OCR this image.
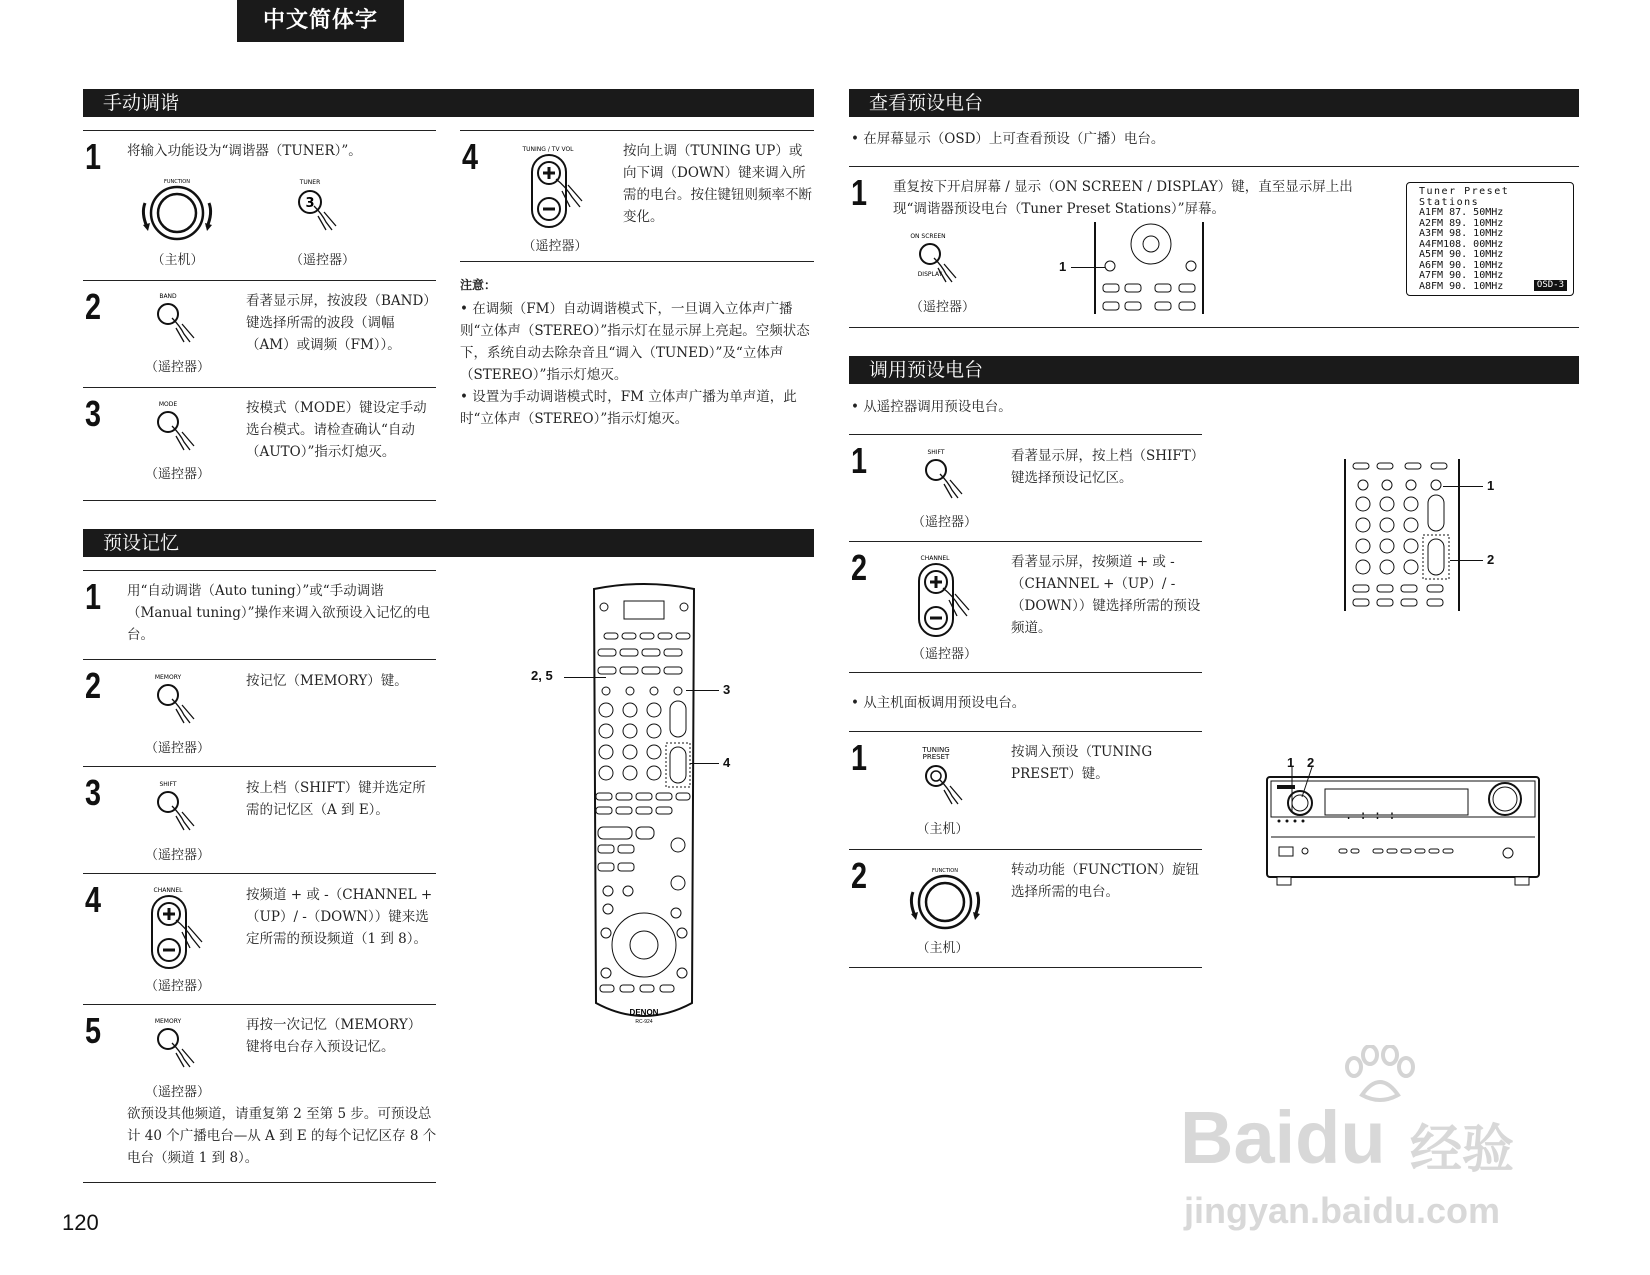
中文简体字
手动调谐
1 将输入功能设为“调谐器（TUNER）”。
FUNCTION
（主机）
TUNER
3
（遥控器）
2	BAND
（遥控器）
看著显示屏，按波段（BAND）键选择所需的波段（调幅（AM）或调频（FM））。
3	MODE
（遥控器）
按模式（MODE）键设定手动选台模式。请检查确认“自动（AUTO）”指示灯熄灭。
4	TUNING / TV VOL
（遥控器）
按向上调（TUNING UP）或向下调（DOWN）键来调入所需的电台。按住键钮则频率不断变化。
注意：
• 在调频（FM）自动调谐模式下，一旦调入立体声广播则“立体声（STEREO）”指示灯在显示屏上亮起。空频状态下，系统自动去除杂音且“调入（TUNED）”及“立体声（STEREO）”指示灯熄灭。
• 设置为手动调谐模式时，FM 立体声广播为单声道，此时“立体声（STEREO）”指示灯熄灭。
预设记忆
1 用“自动调谐（Auto tuning）”或“手动调谐（Manual tuning）”操作来调入欲预设入记忆的电台。
2	MEMORY
（遥控器）
按记忆（MEMORY）键。
3	SHIFT
（遥控器）
按上档（SHIFT）键并选定所需的记忆区（A 到 E）。
4	CHANNEL
（遥控器）
按频道 + 或 -（CHANNEL +（UP）/ -（DOWN））键来选定所需的预设频道（1 到 8）。
5	MEMORY
（遥控器）
再按一次记忆（MEMORY）键将电台存入预设记忆。
欲预设其他频道，请重复第 2 至第 5 步。可预设总计 40 个广播电台—从 A 到 E 的每个记忆区存 8 个电台（频道 1 到 8）。
DENON
RC-924
2, 5
3
4
查看预设电台
• 在屏幕显示（OSD）上可查看预设（广播）电台。
1 重复按下开启屏幕 / 显示（ON SCREEN / DISPLAY）键，直至显示屏上出现“调谐器预设电台（Tuner Preset Stations）”屏幕。
ON SCREEN
DISPLAY
（遥控器）
1
Tuner Preset Stations
A1FM 87. 50MHz
A2FM 89. 10MHz
A3FM 98. 10MHz
A4FM108. 00MHz
A5FM 90. 10MHz
A6FM 90. 10MHz
A7FM 90. 10MHz
A8FM 90. 10MHz	OSD-3
调用预设电台
• 从遥控器调用预设电台。
1	SHIFT
（遥控器）
看著显示屏，按上档（SHIFT）键选择预设记忆区。
2	CHANNEL
（遥控器）
看著显示屏，按频道 + 或 -（CHANNEL +（UP）/ -（DOWN））键选择所需的预设频道。
1
2
• 从主机面板调用预设电台。
1	TUNING
PRESET
（主机）
按调入预设（TUNING PRESET）键。
2	FUNCTION
（主机）
转动功能（FUNCTION）旋钮选择所需的电台。
. : : :
1 2
120
Baidu 经验
jingyan.baidu.com
